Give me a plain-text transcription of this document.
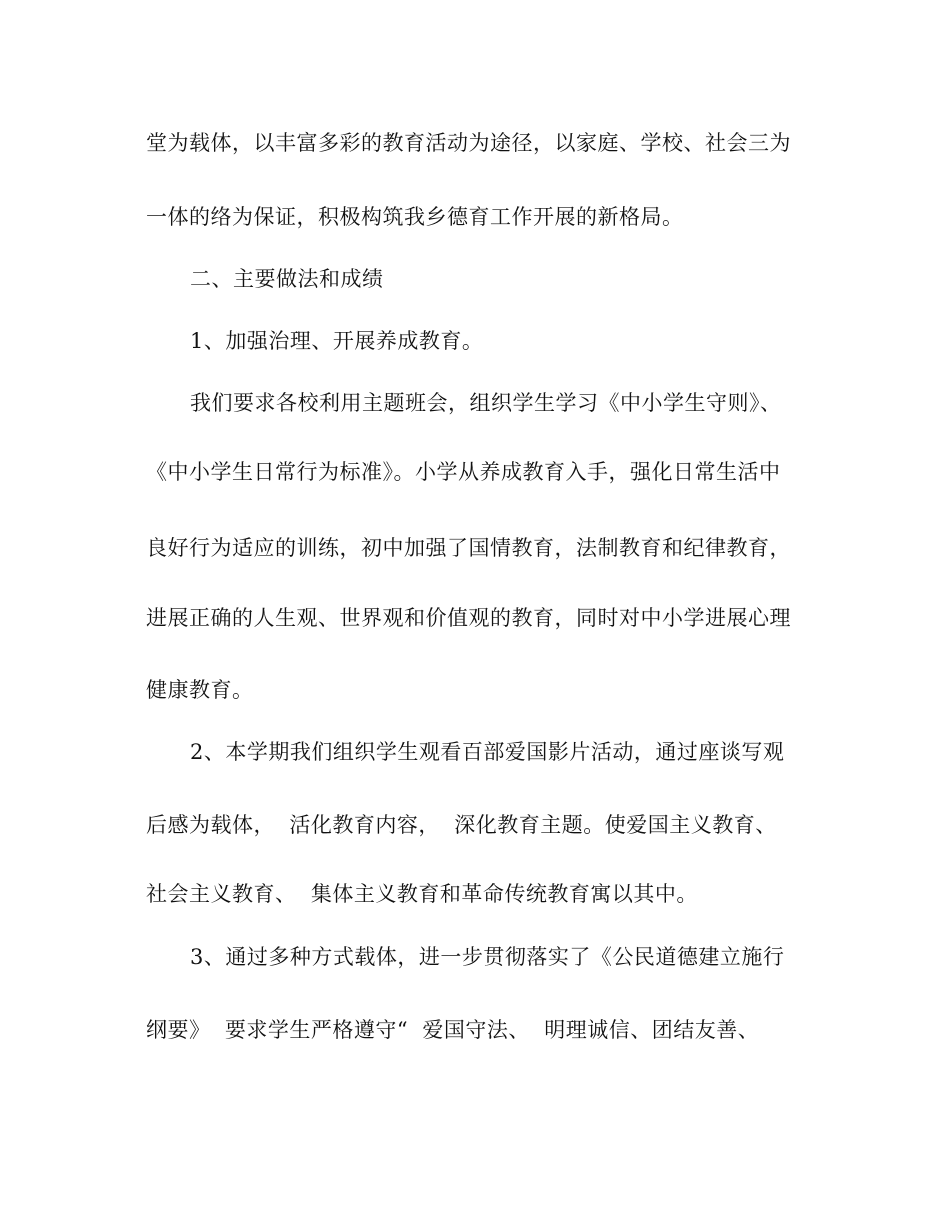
堂为载体，以丰富多彩的教育活动为途径，以家庭、学校、社会三为
一体的络为保证，积极构筑我乡德育工作开展的新格局。
二、主要做法和成绩
1、加强治理、开展养成教育。
我们要求各校利用主题班会，组织学生学习《中小学生守则》、
《中小学生日常行为标准》。小学从养成教育入手，强化日常生活中
良好行为适应的训练，初中加强了国情教育，法制教育和纪律教育，
进展正确的人生观、世界观和价值观的教育，同时对中小学进展心理
健康教育。
2、本学期我们组织学生观看百部爱国影片活动，通过座谈写观
后感为载体，  活化教育内容，  深化教育主题。使爱国主义教育、
社会主义教育、  集体主义教育和革命传统教育寓以其中。
3、通过多种方式载体，进一步贯彻落实了《公民道德建立施行
纲要》  要求学生严格遵守“  爱国守法、  明理诚信、团结友善、
